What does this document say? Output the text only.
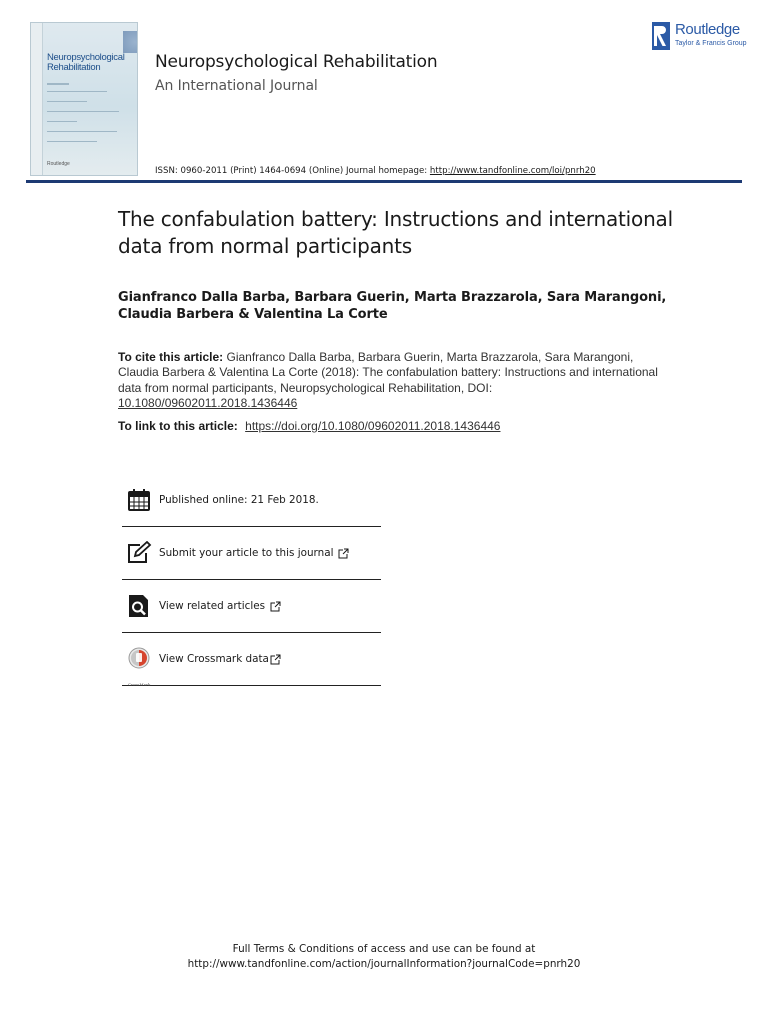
Neuropsychological Rehabilitation
Routledge
Neuropsychological Rehabilitation
An International Journal
Routledge
Taylor & Francis Group
ISSN: 0960-2011 (Print) 1464-0694 (Online) Journal homepage: http://www.tandfonline.com/loi/pnrh20
The confabulation battery: Instructions and international data from normal participants
Gianfranco Dalla Barba, Barbara Guerin, Marta Brazzarola, Sara Marangoni, Claudia Barbera & Valentina La Corte
To cite this article: Gianfranco Dalla Barba, Barbara Guerin, Marta Brazzarola, Sara Marangoni, Claudia Barbera & Valentina La Corte (2018): The confabulation battery: Instructions and international data from normal participants, Neuropsychological Rehabilitation, DOI: 10.1080/09602011.2018.1436446
To link to this article: https://doi.org/10.1080/09602011.2018.1436446
Published online: 21 Feb 2018.
Submit your article to this journal
View related articles
CrossMark
View Crossmark data
Full Terms & Conditions of access and use can be found at
http://www.tandfonline.com/action/journalInformation?journalCode=pnrh20
